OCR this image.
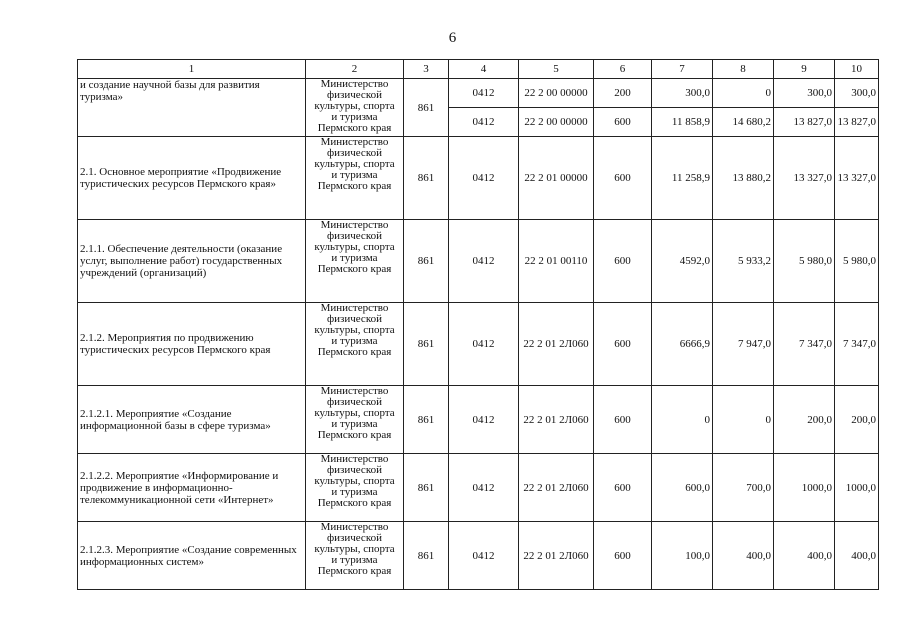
6
1	2	3	4	5	6	7	8	9	10
и создание научной базы для развития туризма»	Министерство
физической
культуры, спорта
и туризма
Пермского края	861	0412	22 2 00 00000	200	300,0	0	300,0	300,0
			0412	22 2 00 00000	600	11 858,9	14 680,2	13 827,0	13 827,0
2.1. Основное мероприятие «Продвижение туристических ресурсов Пермского края»	Министерство
физической
культуры, спорта
и туризма
Пермского края	861	0412	22 2 01 00000	600	11 258,9	13 880,2	13 327,0	13 327,0
2.1.1. Обеспечение деятельности (оказание услуг, выполнение работ) государственных учреждений (организаций)	Министерство
физической
культуры, спорта
и туризма
Пермского края	861	0412	22 2 01 00110	600	4592,0	5 933,2	5 980,0	5 980,0
2.1.2. Мероприятия по продвижению туристических ресурсов Пермского края	Министерство
физической
культуры, спорта
и туризма
Пермского края	861	0412	22 2 01 2Л060	600	6666,9	7 947,0	7 347,0	7 347,0
2.1.2.1. Мероприятие «Создание информационной базы в сфере туризма»	Министерство
физической
культуры, спорта
и туризма
Пермского края	861	0412	22 2 01 2Л060	600	0	0	200,0	200,0
2.1.2.2. Мероприятие «Информирование и продвижение в информационно-телекоммуникационной сети «Интернет»	Министерство
физической
культуры, спорта
и туризма
Пермского края	861	0412	22 2 01 2Л060	600	600,0	700,0	1000,0	1000,0
2.1.2.3. Мероприятие «Создание современных информационных систем»	Министерство
физической
культуры, спорта
и туризма
Пермского края	861	0412	22 2 01 2Л060	600	100,0	400,0	400,0	400,0
